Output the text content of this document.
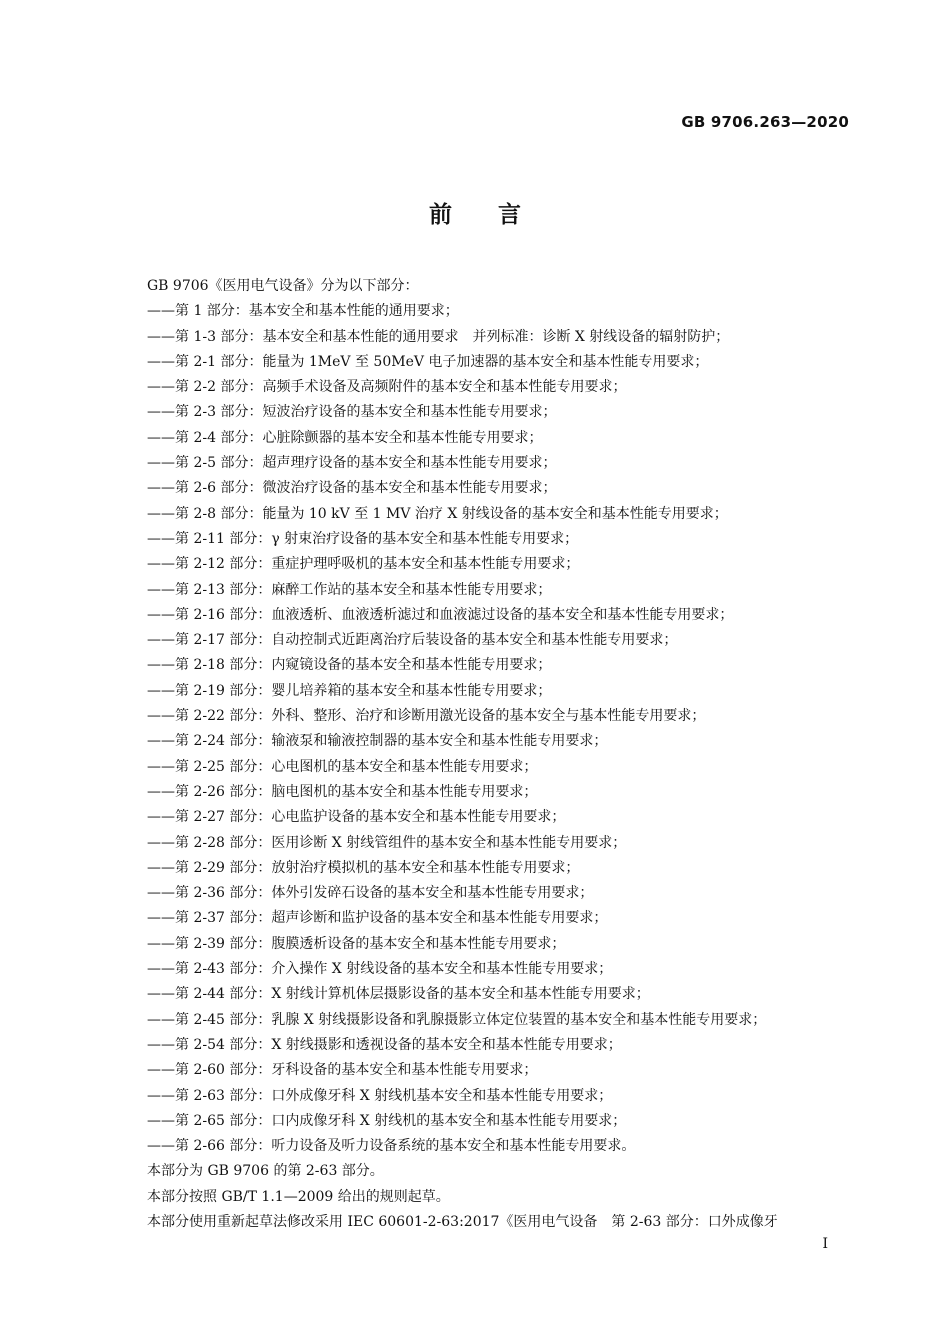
GB 9706.263—2020
前言
GB 9706《医用电气设备》分为以下部分：
——第 1 部分：基本安全和基本性能的通用要求；
——第 1-3 部分：基本安全和基本性能的通用要求　并列标准：诊断 X 射线设备的辐射防护；
——第 2-1 部分：能量为 1MeV 至 50MeV 电子加速器的基本安全和基本性能专用要求；
——第 2-2 部分：高频手术设备及高频附件的基本安全和基本性能专用要求；
——第 2-3 部分：短波治疗设备的基本安全和基本性能专用要求；
——第 2-4 部分：心脏除颤器的基本安全和基本性能专用要求；
——第 2-5 部分：超声理疗设备的基本安全和基本性能专用要求；
——第 2-6 部分：微波治疗设备的基本安全和基本性能专用要求；
——第 2-8 部分：能量为 10 kV 至 1 MV 治疗 X 射线设备的基本安全和基本性能专用要求；
——第 2-11 部分：γ 射束治疗设备的基本安全和基本性能专用要求；
——第 2-12 部分：重症护理呼吸机的基本安全和基本性能专用要求；
——第 2-13 部分：麻醉工作站的基本安全和基本性能专用要求；
——第 2-16 部分：血液透析、血液透析滤过和血液滤过设备的基本安全和基本性能专用要求；
——第 2-17 部分：自动控制式近距离治疗后装设备的基本安全和基本性能专用要求；
——第 2-18 部分：内窥镜设备的基本安全和基本性能专用要求；
——第 2-19 部分：婴儿培养箱的基本安全和基本性能专用要求；
——第 2-22 部分：外科、整形、治疗和诊断用激光设备的基本安全与基本性能专用要求；
——第 2-24 部分：输液泵和输液控制器的基本安全和基本性能专用要求；
——第 2-25 部分：心电图机的基本安全和基本性能专用要求；
——第 2-26 部分：脑电图机的基本安全和基本性能专用要求；
——第 2-27 部分：心电监护设备的基本安全和基本性能专用要求；
——第 2-28 部分：医用诊断 X 射线管组件的基本安全和基本性能专用要求；
——第 2-29 部分：放射治疗模拟机的基本安全和基本性能专用要求；
——第 2-36 部分：体外引发碎石设备的基本安全和基本性能专用要求；
——第 2-37 部分：超声诊断和监护设备的基本安全和基本性能专用要求；
——第 2-39 部分：腹膜透析设备的基本安全和基本性能专用要求；
——第 2-43 部分：介入操作 X 射线设备的基本安全和基本性能专用要求；
——第 2-44 部分：X 射线计算机体层摄影设备的基本安全和基本性能专用要求；
——第 2-45 部分：乳腺 X 射线摄影设备和乳腺摄影立体定位装置的基本安全和基本性能专用要求；
——第 2-54 部分：X 射线摄影和透视设备的基本安全和基本性能专用要求；
——第 2-60 部分：牙科设备的基本安全和基本性能专用要求；
——第 2-63 部分：口外成像牙科 X 射线机基本安全和基本性能专用要求；
——第 2-65 部分：口内成像牙科 X 射线机的基本安全和基本性能专用要求；
——第 2-66 部分：听力设备及听力设备系统的基本安全和基本性能专用要求。
本部分为 GB 9706 的第 2-63 部分。
本部分按照 GB/T 1.1—2009 给出的规则起草。
本部分使用重新起草法修改采用 IEC 60601-2-63:2017《医用电气设备　第 2-63 部分：口外成像牙
I
